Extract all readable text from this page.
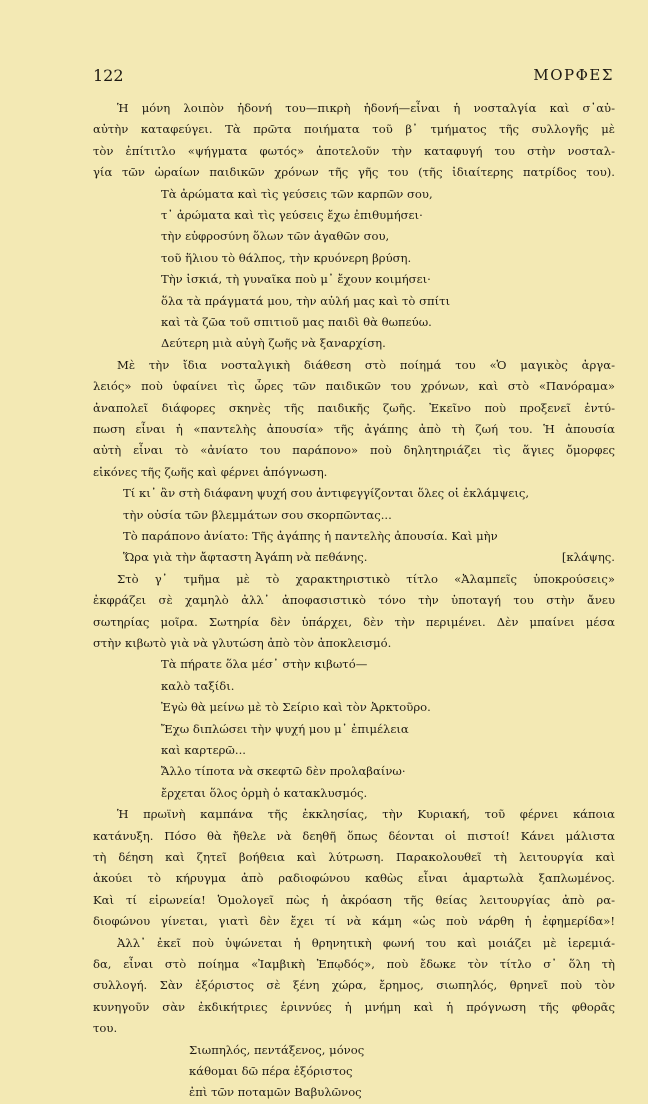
122	ΜΟΡΦΕΣ
Ἡ μόνη λοιπὸν ἡδονή του—πικρὴ ἡδονή—εἶναι ἡ νοσταλγία καὶ σ᾽αὐ-
αὐτὴν καταφεύγει. Τὰ πρῶτα ποιήματα τοῦ β᾽ τμήματος τῆς συλλογῆς μὲ
τὸν ἐπίτιτλο «ψήγματα φωτός» ἀποτελοῦν τὴν καταφυγή του στὴν νοσταλ-
γία τῶν ὡραίων παιδικῶν χρόνων τῆς γῆς του (τῆς ἰδιαίτερης πατρίδος του).
Τὰ ἀρώματα καὶ τὶς γεύσεις τῶν καρπῶν σου,
τ᾽ ἀρώματα καὶ τὶς γεύσεις ἔχω ἐπιθυμήσει·
τὴν εὐφροσύνη ὅλων τῶν ἀγαθῶν σου,
τοῦ ἥλιου τὸ θάλπος, τὴν κρυόνερη βρύση.
Τὴν ἰσκιά, τὴ γυναῖκα ποὺ μ᾽ ἔχουν κοιμήσει·
ὅλα τὰ πράγματά μου, τὴν αὐλή μας καὶ τὸ σπίτι
καὶ τὰ ζῶα τοῦ σπιτιοῦ μας παιδὶ θὰ θωπεύω.
Δεύτερη μιὰ αὐγὴ ζωῆς νὰ ξαναρχίση.
Μὲ τὴν ἴδια νοσταλγικὴ διάθεση στὸ ποίημά του «Ὁ μαγικὸς ἀργα-
λειός» ποὺ ὑφαίνει τὶς ὧρες τῶν παιδικῶν του χρόνων, καὶ στὸ «Πανόραμα»
ἀναπολεῖ διάφορες σκηνὲς τῆς παιδικῆς ζωῆς. Ἐκεῖνο ποὺ προξενεῖ ἐντύ-
πωση εἶναι ἡ «παντελὴς ἀπουσία» τῆς ἀγάπης ἀπὸ τὴ ζωή του. Ἡ ἀπουσία
αὐτὴ εἶναι τὸ «ἀνίατο του παράπονο» ποὺ δηλητηριάζει τὶς ἅγιες ὄμορφες
εἰκόνες τῆς ζωῆς καὶ φέρνει ἀπόγνωση.
Τί κι᾽ ἂν στὴ διάφανη ψυχή σου ἀντιφεγγίζονται ὅλες οἱ ἐκλάμψεις,
τὴν οὐσία τῶν βλεμμάτων σου σκορπῶντας...
Τὸ παράπονο ἀνίατο: Τῆς ἀγάπης ἡ παντελὴς ἀπουσία. Καὶ μὴν
[κλάψης.
Ὥρα γιὰ τὴν ἄφταστη Ἀγάπη νὰ πεθάνης.
Στὸ γ᾽ τμῆμα μὲ τὸ χαρακτηριστικὸ τίτλο «Ἀλαμπεῖς ὑποκρούσεις»
ἐκφράζει σὲ χαμηλὸ ἀλλ᾽ ἀποφασιστικὸ τόνο τὴν ὑποταγή του στὴν ἄνευ
σωτηρίας μοῖρα. Σωτηρία δὲν ὑπάρχει, δὲν τὴν περιμένει. Δὲν μπαίνει μέσα
στὴν κιβωτὸ γιὰ νὰ γλυτώση ἀπὸ τὸν ἀποκλεισμό.
Τὰ πήρατε ὅλα μέσ᾽ στὴν κιβωτό—
καλὸ ταξίδι.
Ἐγὼ θὰ μείνω μὲ τὸ Σείριο καὶ τὸν Ἀρκτοῦρο.
Ἔχω διπλώσει τὴν ψυχή μου μ᾽ ἐπιμέλεια
καὶ καρτερῶ...
Ἄλλο τίποτα νὰ σκεφτῶ δὲν προλαβαίνω·
ἔρχεται ὅλος ὁρμὴ ὁ κατακλυσμός.
Ἡ πρωϊνὴ καμπάνα τῆς ἐκκλησίας, τὴν Κυριακή, τοῦ φέρνει κάποια
κατάνυξη. Πόσο θὰ ἤθελε νὰ δεηθῆ ὅπως δέονται οἱ πιστοί! Κάνει μάλιστα
τὴ δέηση καὶ ζητεῖ βοήθεια καὶ λύτρωση. Παρακολουθεῖ τὴ λειτουργία καὶ
ἀκούει τὸ κήρυγμα ἀπὸ ραδιοφώνου καθὼς εἶναι ἁμαρτωλὰ ξαπλωμένος.
Καὶ τί εἰρωνεία! Ὁμολογεῖ πὼς ἡ ἀκρόαση τῆς θείας λειτουργίας ἀπὸ ρα-
διοφώνου γίνεται, γιατὶ δὲν ἔχει τί νὰ κάμη «ὡς ποὺ νάρθη ἡ ἐφημερίδα»!
Ἀλλ᾽ ἐκεῖ ποὺ ὑψώνεται ἡ θρηνητικὴ φωνή του καὶ μοιάζει μὲ ἱερεμιά-
δα, εἶναι στὸ ποίημα «Ἰαμβικὴ Ἐπῳδός», ποὺ ἔδωκε τὸν τίτλο σ᾽ ὅλη τὴ
συλλογή. Σὰν ἐξόριστος σὲ ξένη χώρα, ἔρημος, σιωπηλός, θρηνεῖ ποὺ τὸν
κυνηγοῦν σὰν ἐκδικήτριες ἐριννύες ἡ μνήμη καὶ ἡ πρόγνωση τῆς φθορᾶς
του.
Σιωπηλός, πεντάξενος, μόνος
κάθομαι δῶ πέρα ἐξόριστος
ἐπὶ τῶν ποταμῶν Βαβυλῶνος
